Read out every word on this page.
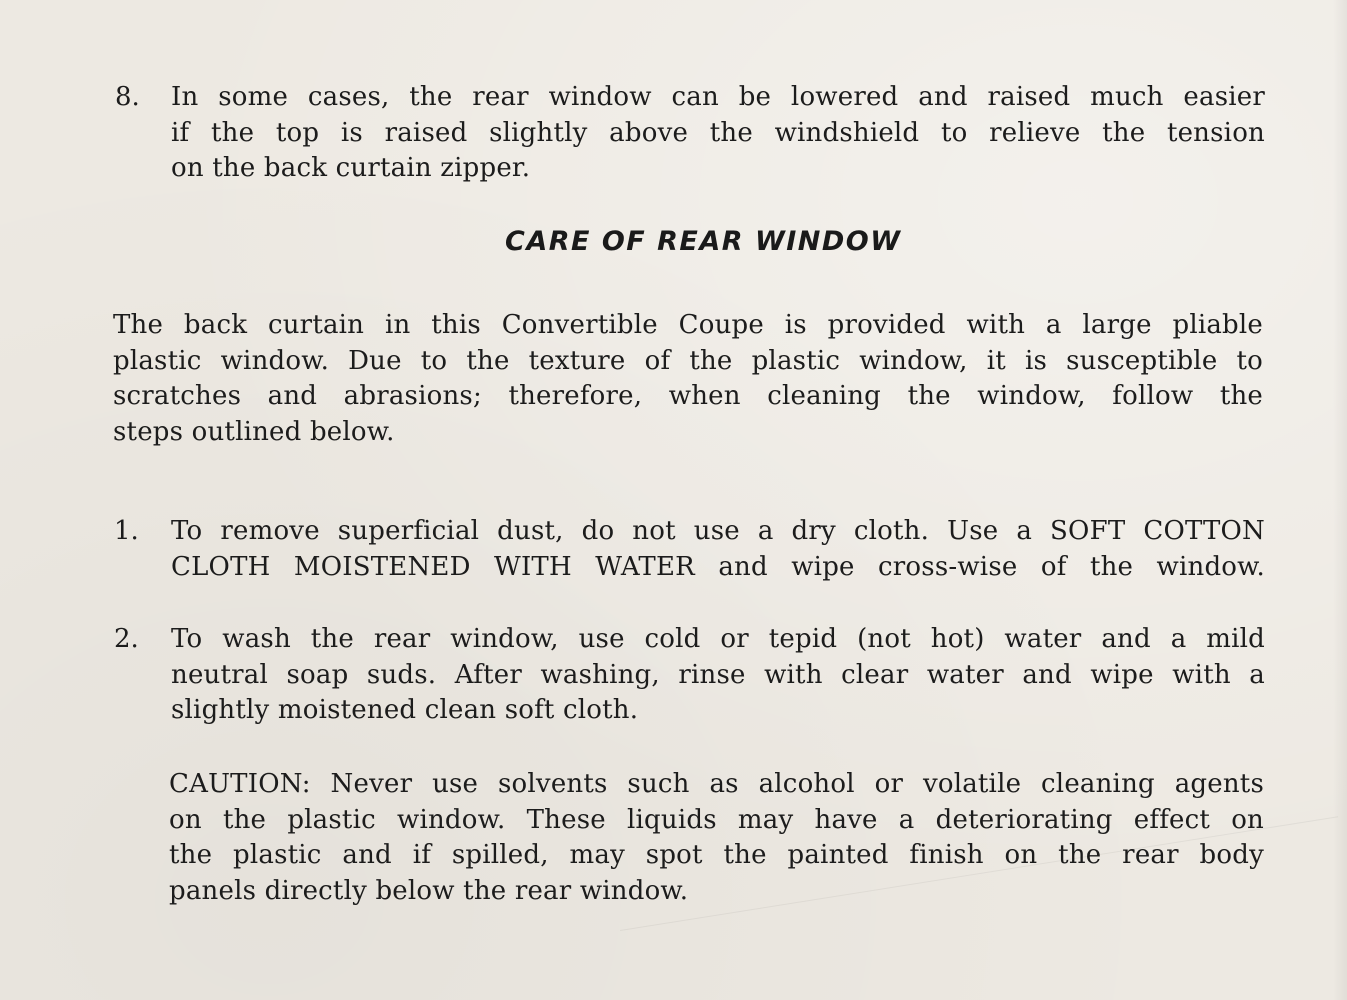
8. In some cases, the rear window can be lowered and raised much easier
if the top is raised slightly above the windshield to relieve the tension
on the back curtain zipper.
CARE OF REAR WINDOW
The back curtain in this Convertible Coupe is provided with a large pliable
plastic window. Due to the texture of the plastic window, it is susceptible to
scratches and abrasions; therefore, when cleaning the window, follow the
steps outlined below.
1. To remove superficial dust, do not use a dry cloth. Use a SOFT COTTON
CLOTH MOISTENED WITH WATER and wipe cross-wise of the window.
2. To wash the rear window, use cold or tepid (not hot) water and a mild
neutral soap suds. After washing, rinse with clear water and wipe with a
slightly moistened clean soft cloth.
CAUTION: Never use solvents such as alcohol or volatile cleaning agents
on the plastic window. These liquids may have a deteriorating effect on
the plastic and if spilled, may spot the painted finish on the rear body
panels directly below the rear window.
